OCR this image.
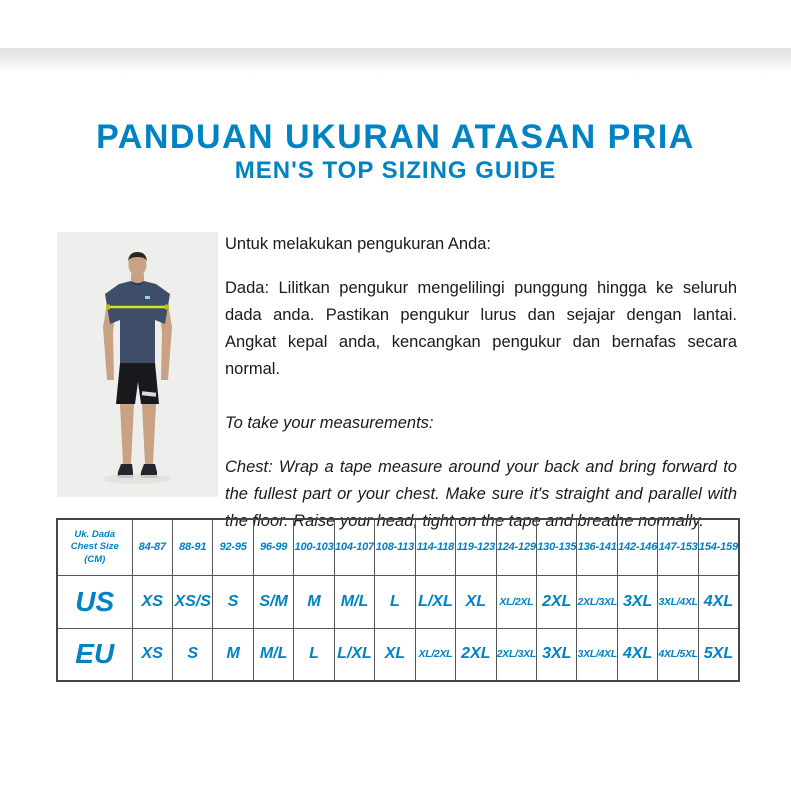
PANDUAN UKURAN ATASAN PRIA
MEN'S TOP SIZING GUIDE

Untuk melakukan pengukuran Anda:

Dada: Lilitkan pengukur mengelilingi punggung hingga ke seluruh dada anda. Pastikan pengukur lurus dan sejajar dengan lantai. Angkat kepal anda, kencangkan pengukur dan bernafas secara normal.

To take your measurements:

Chest: Wrap a tape measure around your back and bring forward to the fullest part or your chest. Make sure it's straight and parallel with the floor. Raise your head, tight on the tape and breathe normally.

Uk. Dada
Chest Size
(CM)	84-87	88-91	92-95	96-99	100-103	104-107	108-113	114-118	119-123	124-129	130-135	136-141	142-146	147-153	154-159
US	XS	XS/S	S	S/M	M	M/L	L	L/XL	XL	XL/2XL	2XL	2XL/3XL	3XL	3XL/4XL	4XL
EU	XS	S	M	M/L	L	L/XL	XL	XL/2XL	2XL	2XL/3XL	3XL	3XL/4XL	4XL	4XL/5XL	5XL
